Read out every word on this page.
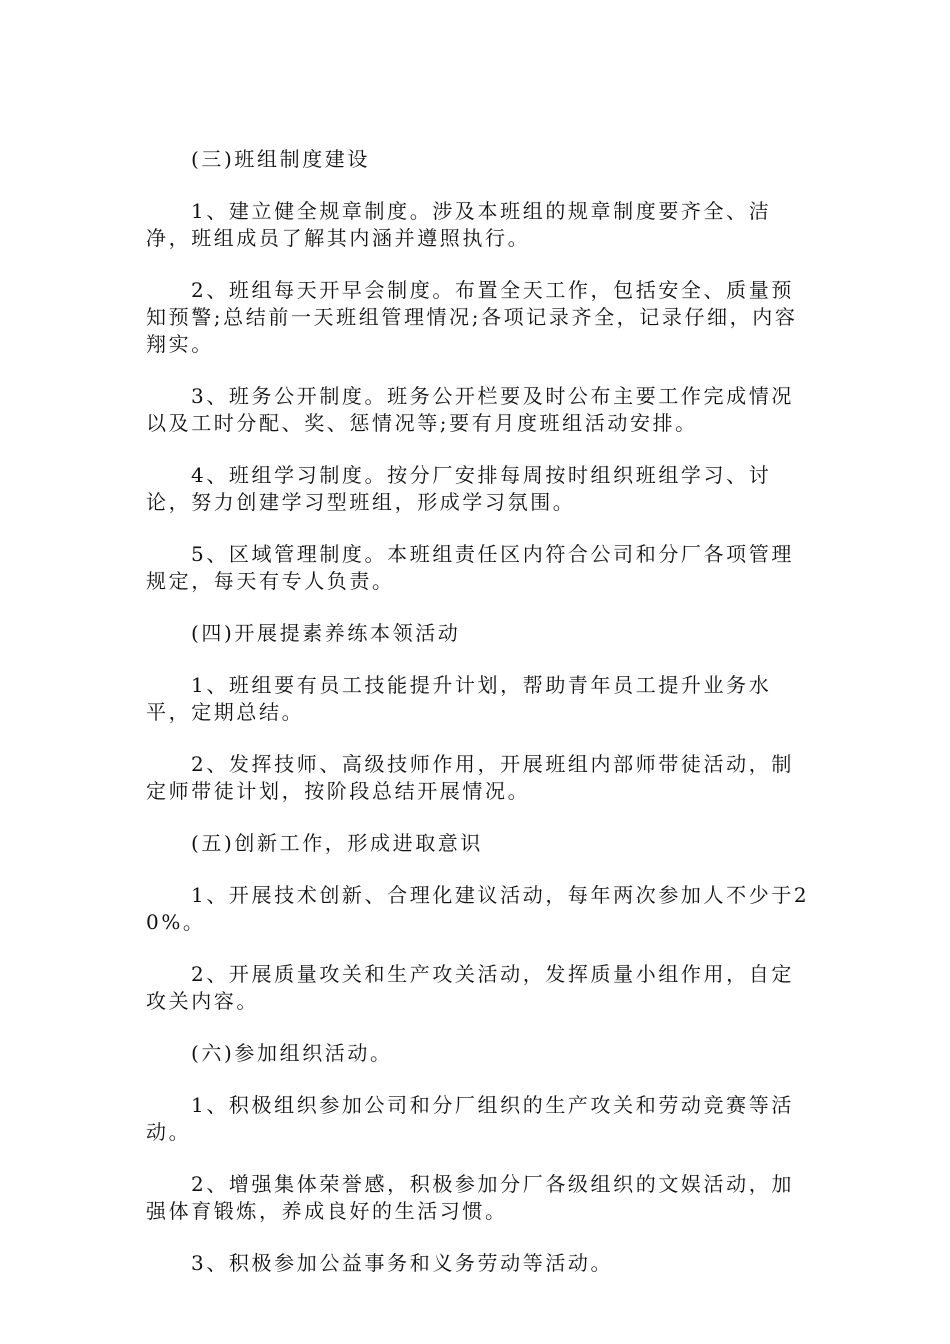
(三)班组制度建设

1、建立健全规章制度。涉及本班组的规章制度要齐全、洁净，班组成员了解其内涵并遵照执行。

2、班组每天开早会制度。布置全天工作，包括安全、质量预知预警;总结前一天班组管理情况;各项记录齐全，记录仔细，内容翔实。

3、班务公开制度。班务公开栏要及时公布主要工作完成情况以及工时分配、奖、惩情况等;要有月度班组活动安排。

4、班组学习制度。按分厂安排每周按时组织班组学习、讨论，努力创建学习型班组，形成学习氛围。

5、区域管理制度。本班组责任区内符合公司和分厂各项管理规定，每天有专人负责。

(四)开展提素养练本领活动

1、班组要有员工技能提升计划，帮助青年员工提升业务水平，定期总结。

2、发挥技师、高级技师作用，开展班组内部师带徒活动，制定师带徒计划，按阶段总结开展情况。

(五)创新工作，形成进取意识

1、开展技术创新、合理化建议活动，每年两次参加人不少于20%。

2、开展质量攻关和生产攻关活动，发挥质量小组作用，自定攻关内容。

(六)参加组织活动。

1、积极组织参加公司和分厂组织的生产攻关和劳动竞赛等活动。

2、增强集体荣誉感，积极参加分厂各级组织的文娱活动，加强体育锻炼，养成良好的生活习惯。

3、积极参加公益事务和义务劳动等活动。
